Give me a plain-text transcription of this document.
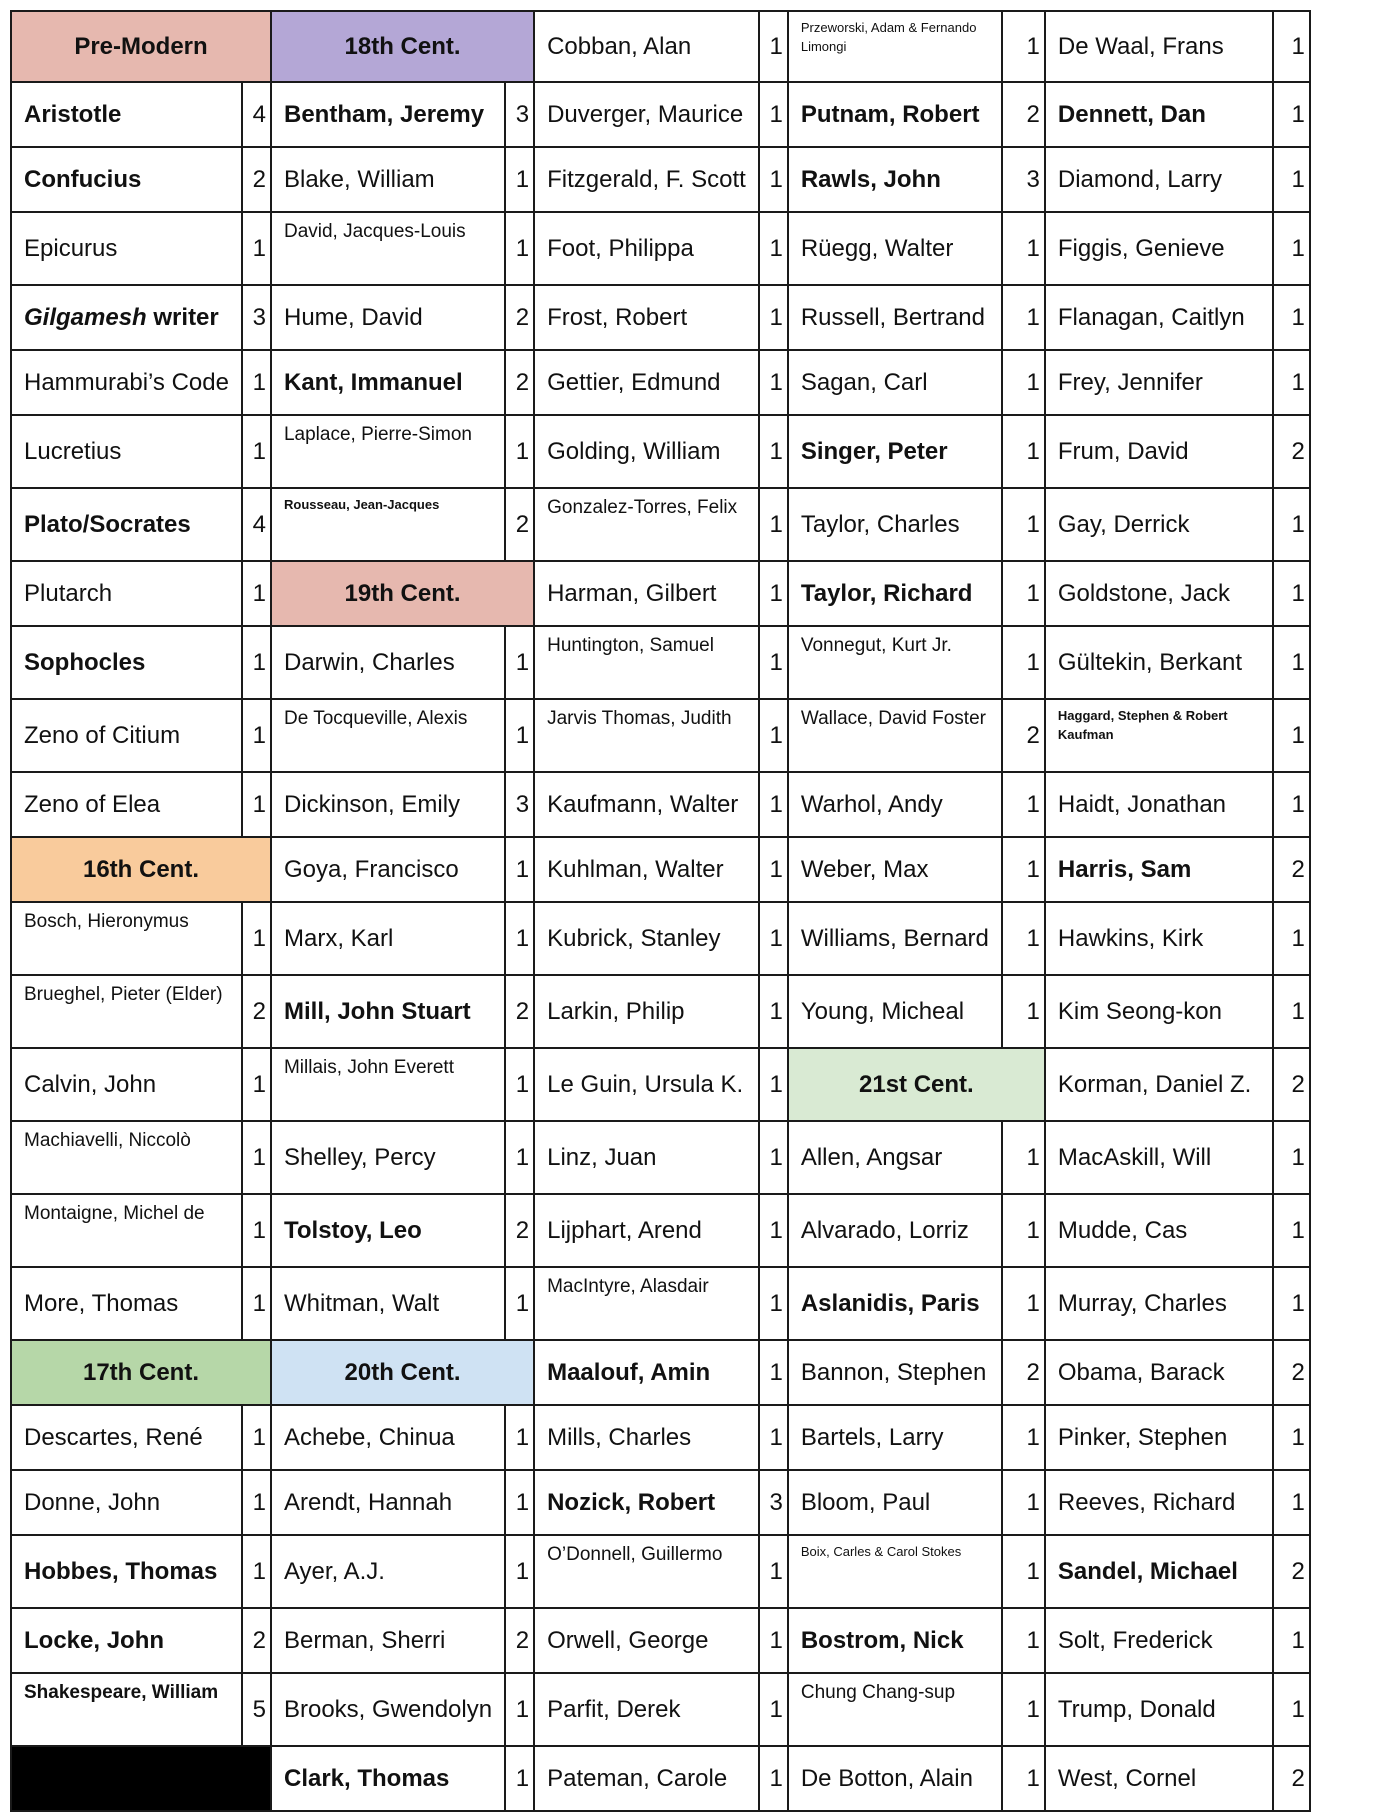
Pre-Modern		18th Cent.		Cobban, Alan	1	Przeworski, Adam & Fernando Limongi	1	De Waal, Frans	1
Aristotle	4	Bentham, Jeremy	3	Duverger, Maurice	1	Putnam, Robert	2	Dennett, Dan	1
Confucius	2	Blake, William	1	Fitzgerald, F. Scott	1	Rawls, John	3	Diamond, Larry	1
Epicurus	1	David, Jacques-Louis	1	Foot, Philippa	1	Rüegg, Walter	1	Figgis, Genieve	1
Gilgamesh writer	3	Hume, David	2	Frost, Robert	1	Russell, Bertrand	1	Flanagan, Caitlyn	1
Hammurabi’s Code	1	Kant, Immanuel	2	Gettier, Edmund	1	Sagan, Carl	1	Frey, Jennifer	1
Lucretius	1	Laplace, Pierre-Simon	1	Golding, William	1	Singer, Peter	1	Frum, David	2
Plato/Socrates	4	Rousseau, Jean-Jacques	2	Gonzalez-Torres, Felix	1	Taylor, Charles	1	Gay, Derrick	1
Plutarch	1	19th Cent.		Harman, Gilbert	1	Taylor, Richard	1	Goldstone, Jack	1
Sophocles	1	Darwin, Charles	1	Huntington, Samuel	1	Vonnegut, Kurt Jr.	1	Gültekin, Berkant	1
Zeno of Citium	1	De Tocqueville, Alexis	1	Jarvis Thomas, Judith	1	Wallace, David Foster	2	Haggard, Stephen & Robert Kaufman	1
Zeno of Elea	1	Dickinson, Emily	3	Kaufmann, Walter	1	Warhol, Andy	1	Haidt, Jonathan	1
16th Cent.		Goya, Francisco	1	Kuhlman, Walter	1	Weber, Max	1	Harris, Sam	2
Bosch, Hieronymus	1	Marx, Karl	1	Kubrick, Stanley	1	Williams, Bernard	1	Hawkins, Kirk	1
Brueghel, Pieter (Elder)	2	Mill, John Stuart	2	Larkin, Philip	1	Young, Micheal	1	Kim Seong-kon	1
Calvin, John	1	Millais, John Everett	1	Le Guin, Ursula K.	1	21st Cent.		Korman, Daniel Z.	2
Machiavelli, Niccolò	1	Shelley, Percy	1	Linz, Juan	1	Allen, Angsar	1	MacAskill, Will	1
Montaigne, Michel de	1	Tolstoy, Leo	2	Lijphart, Arend	1	Alvarado, Lorriz	1	Mudde, Cas	1
More, Thomas	1	Whitman, Walt	1	MacIntyre, Alasdair	1	Aslanidis, Paris	1	Murray, Charles	1
17th Cent.		20th Cent.		Maalouf, Amin	1	Bannon, Stephen	2	Obama, Barack	2
Descartes, René	1	Achebe, Chinua	1	Mills, Charles	1	Bartels, Larry	1	Pinker, Stephen	1
Donne, John	1	Arendt, Hannah	1	Nozick, Robert	3	Bloom, Paul	1	Reeves, Richard	1
Hobbes, Thomas	1	Ayer, A.J.	1	O’Donnell, Guillermo	1	Boix, Carles & Carol Stokes	1	Sandel, Michael	2
Locke, John	2	Berman, Sherri	2	Orwell, George	1	Bostrom, Nick	1	Solt, Frederick	1
Shakespeare, William	5	Brooks, Gwendolyn	1	Parfit, Derek	1	Chung Chang-sup	1	Trump, Donald	1
		Clark, Thomas	1	Pateman, Carole	1	De Botton, Alain	1	West, Cornel	2
